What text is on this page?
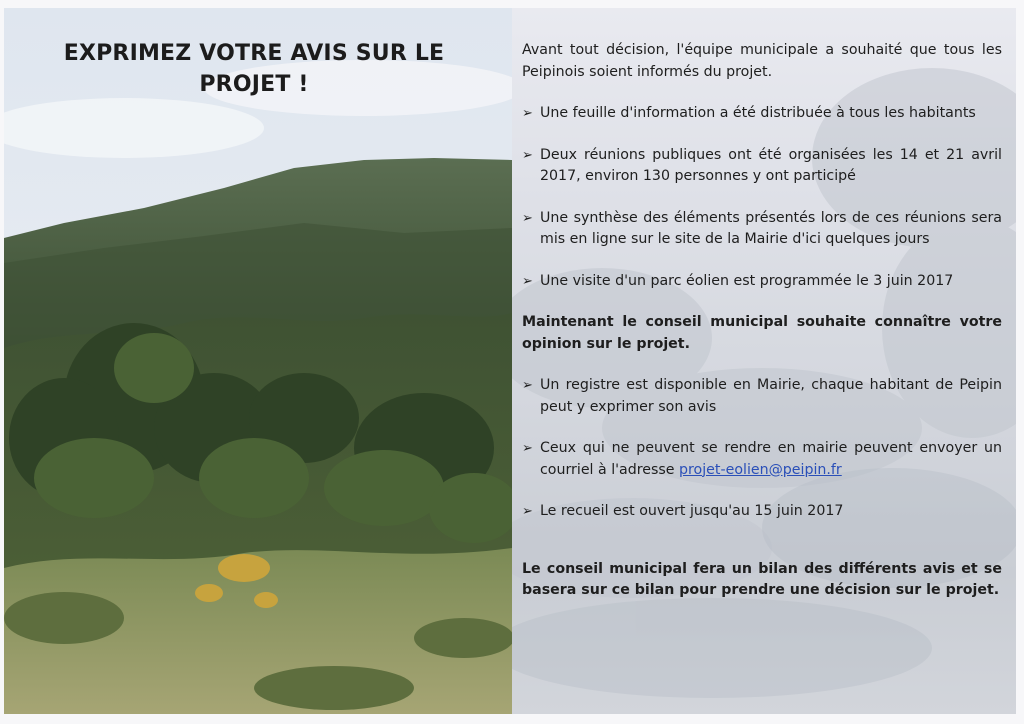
EXPRIMEZ VOTRE AVIS SUR LE
PROJET !

Avant tout décision, l'équipe municipale a souhaité que tous les Peipinois soient informés du projet.

➢ Une feuille d'information a été distribuée à tous les habitants

➢ Deux réunions publiques ont été organisées les 14 et 21 avril 2017, environ 130 personnes y ont participé

➢ Une synthèse des éléments présentés lors de ces réunions sera mis en ligne sur le site de la Mairie d'ici quelques jours

➢ Une visite d'un parc éolien est programmée le 3 juin 2017

Maintenant le conseil municipal souhaite connaître votre opinion sur le projet.

➢ Un registre est disponible en Mairie, chaque habitant de Peipin peut y exprimer son avis

➢ Ceux qui ne peuvent se rendre en mairie peuvent envoyer un courriel à l'adresse projet-eolien@peipin.fr

➢ Le recueil est ouvert jusqu'au 15 juin 2017

Le conseil municipal fera un bilan des différents avis et se basera sur ce bilan pour prendre une décision sur le projet.
